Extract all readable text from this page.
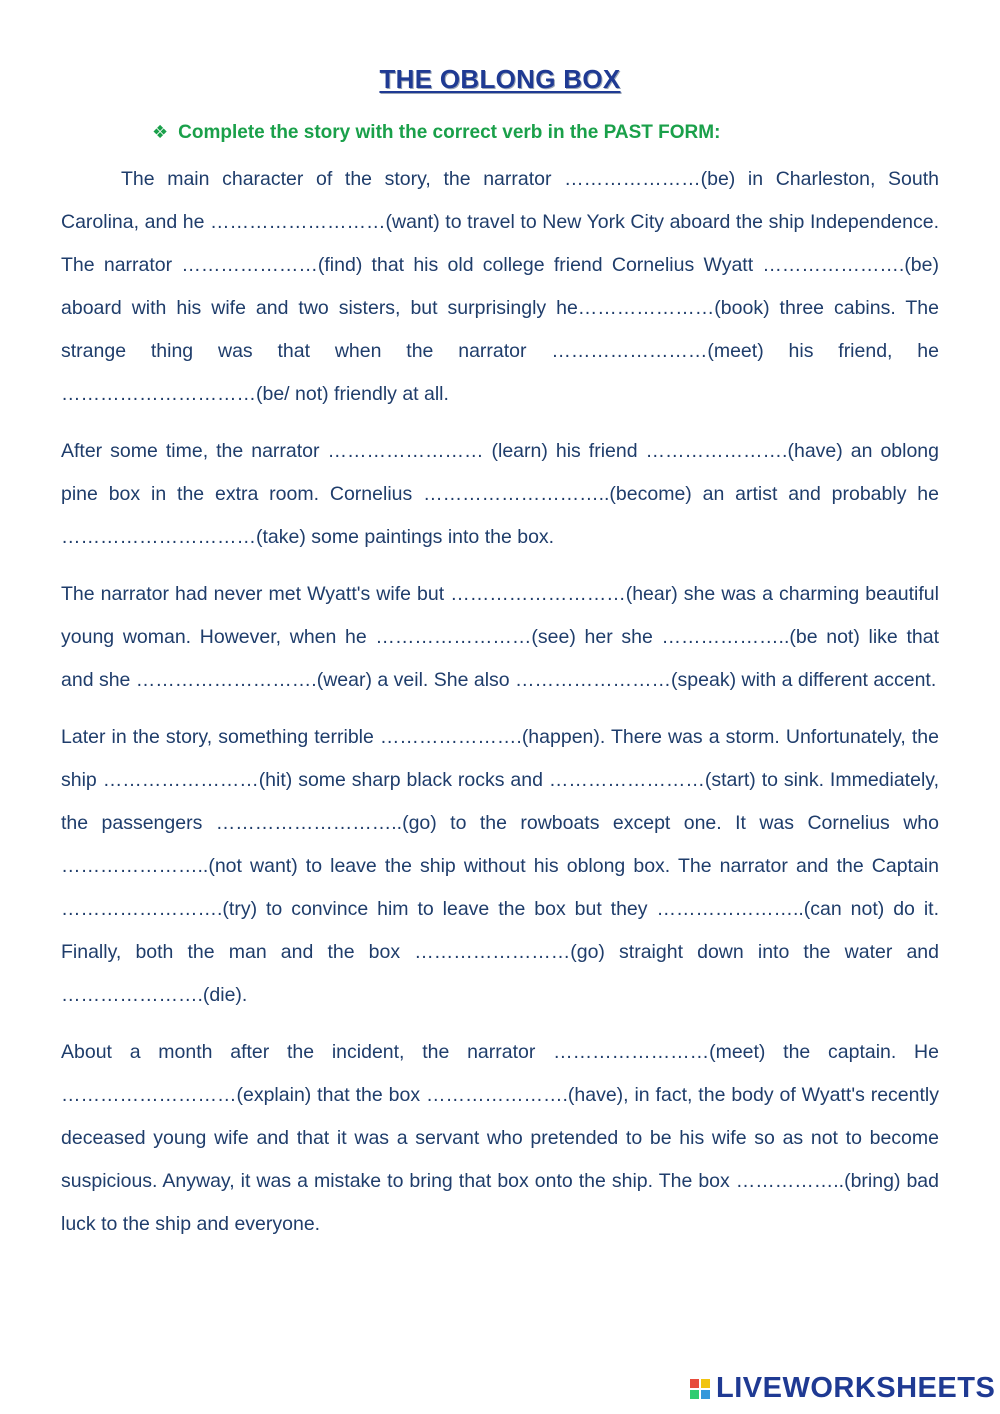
THE OBLONG BOX
❖ Complete the story with the correct verb in the PAST FORM:

The main character of the story, the narrator …………………(be) in Charleston, South Carolina, and he ………………………(want) to travel to New York City aboard the ship Independence. The narrator …………………(find) that his old college friend Cornelius Wyatt ………………….(be) aboard with his wife and two sisters, but surprisingly he…………………(book) three cabins. The strange thing was that when the narrator ……………………(meet) his friend, he …………………………(be/ not) friendly at all.

After some time, the narrator …………………… (learn) his friend ………………….(have) an oblong pine box in the extra room. Cornelius ………………………..(become) an artist and probably he …………………………(take) some paintings into the box.

The narrator had never met Wyatt's wife but ………………………(hear) she was a charming beautiful young woman. However, when he ……………………(see) her she ………………..(be not) like that and she ……………………….(wear) a veil. She also ……………………(speak) with a different accent.

Later in the story, something terrible ………………….(happen). There was a storm. Unfortunately, the ship ……………………(hit) some sharp black rocks and ……………………(start) to sink. Immediately, the passengers ………………………..(go) to the rowboats except one. It was Cornelius who …………………..(not want) to leave the ship without his oblong box. The narrator and the Captain …………………….(try) to convince him to leave the box but they …………………..(can not) do it. Finally, both the man and the box ……………………(go) straight down into the water and ………………….(die).

About a month after the incident, the narrator ……………………(meet) the captain. He ………………………(explain) that the box ………………….(have), in fact, the body of Wyatt's recently deceased young wife and that it was a servant who pretended to be his wife so as not to become suspicious. Anyway, it was a mistake to bring that box onto the ship. The box ……………..(bring) bad luck to the ship and everyone.

LIVEWORKSHEETS
